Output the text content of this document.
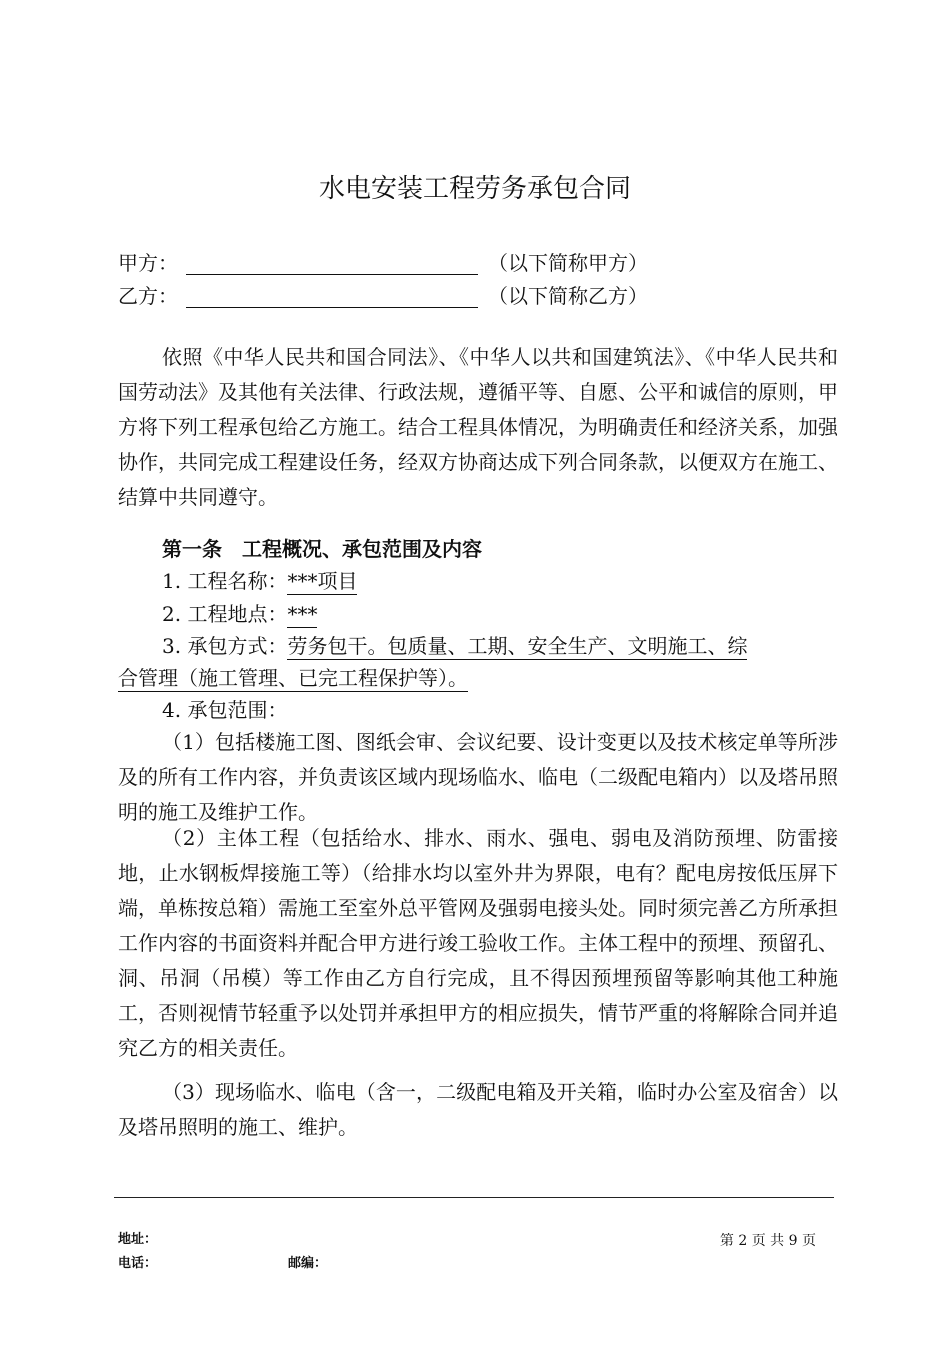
水电安装工程劳务承包合同
甲方：	（以下简称甲方）
乙方：	（以下简称乙方）

依照《中华人民共和国合同法》、《中华人以共和国建筑法》、《中华人民共和国劳动法》及其他有关法律、行政法规，遵循平等、自愿、公平和诚信的原则，甲方将下列工程承包给乙方施工。结合工程具体情况，为明确责任和经济关系，加强协作，共同完成工程建设任务，经双方协商达成下列合同条款，以便双方在施工、结算中共同遵守。

第一条　工程概况、承包范围及内容
1. 工程名称：***项目
2. 工程地点：***
3. 承包方式：劳务包干。包质量、工期、安全生产、文明施工、综
合管理（施工管理、已完工程保护等）。
4. 承包范围：

（1）包括楼施工图、图纸会审、会议纪要、设计变更以及技术核定单等所涉及的所有工作内容，并负责该区域内现场临水、临电（二级配电箱内）以及塔吊照明的施工及维护工作。

（2）主体工程（包括给水、排水、雨水、强电、弱电及消防预埋、防雷接地，止水钢板焊接施工等）（给排水均以室外井为界限，电有？配电房按低压屏下端，单栋按总箱）需施工至室外总平管网及强弱电接头处。同时须完善乙方所承担工作内容的书面资料并配合甲方进行竣工验收工作。主体工程中的预埋、预留孔、洞、吊洞（吊模）等工作由乙方自行完成，且不得因预埋预留等影响其他工种施工，否则视情节轻重予以处罚并承担甲方的相应损失，情节严重的将解除合同并追究乙方的相关责任。

（3）现场临水、临电（含一，二级配电箱及开关箱，临时办公室及宿舍）以及塔吊照明的施工、维护。

地址：
电话：	邮编：
第 2 页 共 9 页
